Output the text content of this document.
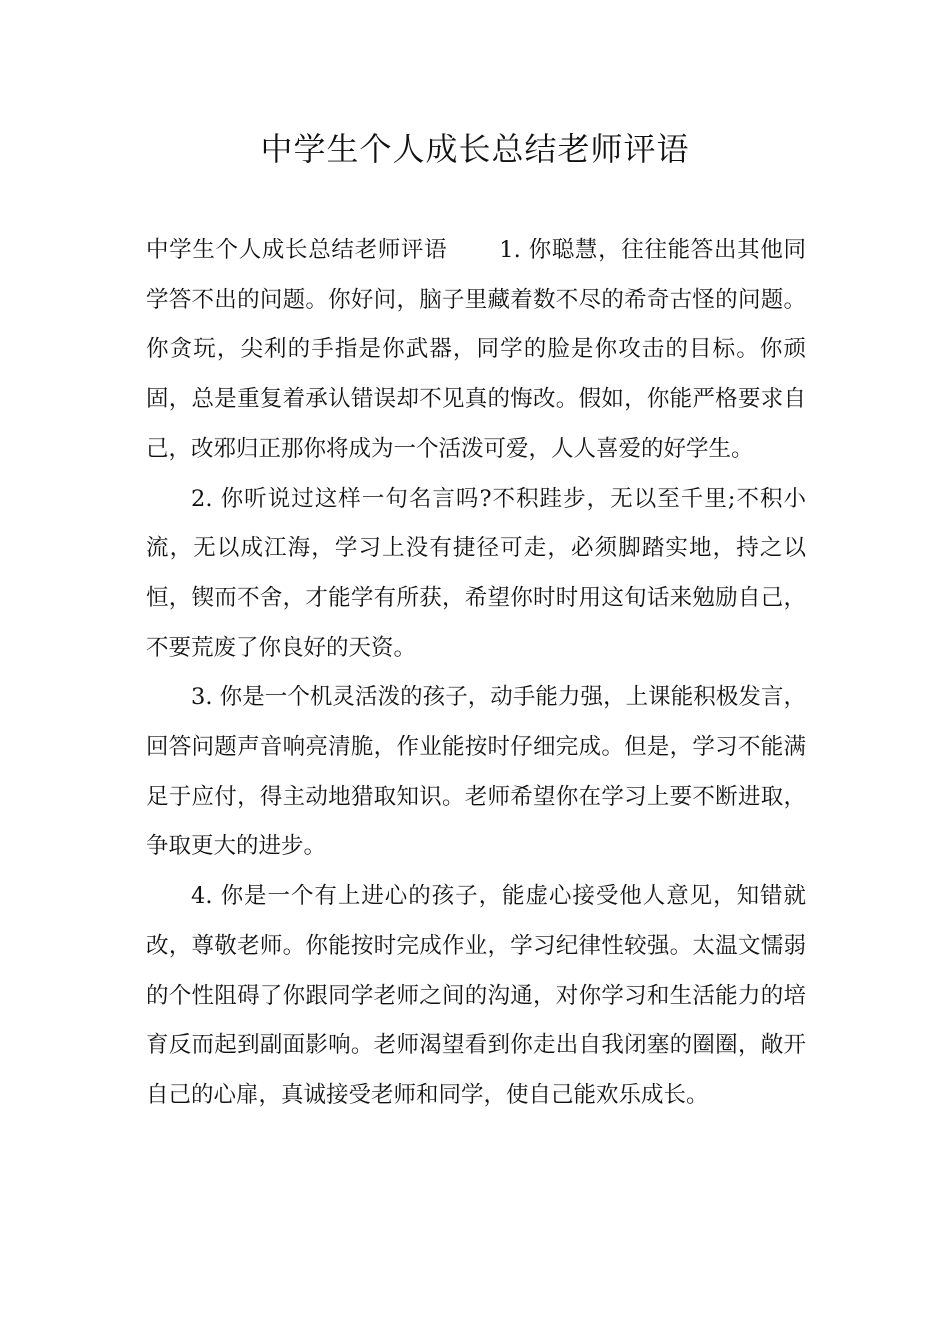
中学生个人成长总结老师评语

中学生个人成长总结老师评语 1. 你聪慧，往往能答出其他同学答不出的问题。你好问，脑子里藏着数不尽的希奇古怪的问题。你贪玩，尖利的手指是你武器，同学的脸是你攻击的目标。你顽固，总是重复着承认错误却不见真的悔改。假如，你能严格要求自己，改邪归正那你将成为一个活泼可爱，人人喜爱的好学生。

2. 你听说过这样一句名言吗?不积跬步，无以至千里;不积小流，无以成江海，学习上没有捷径可走，必须脚踏实地，持之以恒，锲而不舍，才能学有所获，希望你时时用这旬话来勉励自己，不要荒废了你良好的天资。

3. 你是一个机灵活泼的孩子，动手能力强，上课能积极发言，回答问题声音响亮清脆，作业能按时仔细完成。但是，学习不能满足于应付，得主动地猎取知识。老师希望你在学习上要不断进取，争取更大的进步。

4. 你是一个有上进心的孩子，能虚心接受他人意见，知错就改，尊敬老师。你能按时完成作业，学习纪律性较强。太温文懦弱的个性阻碍了你跟同学老师之间的沟通，对你学习和生活能力的培育反而起到副面影响。老师渴望看到你走出自我闭塞的圈圈，敞开自己的心扉，真诚接受老师和同学，使自己能欢乐成长。
